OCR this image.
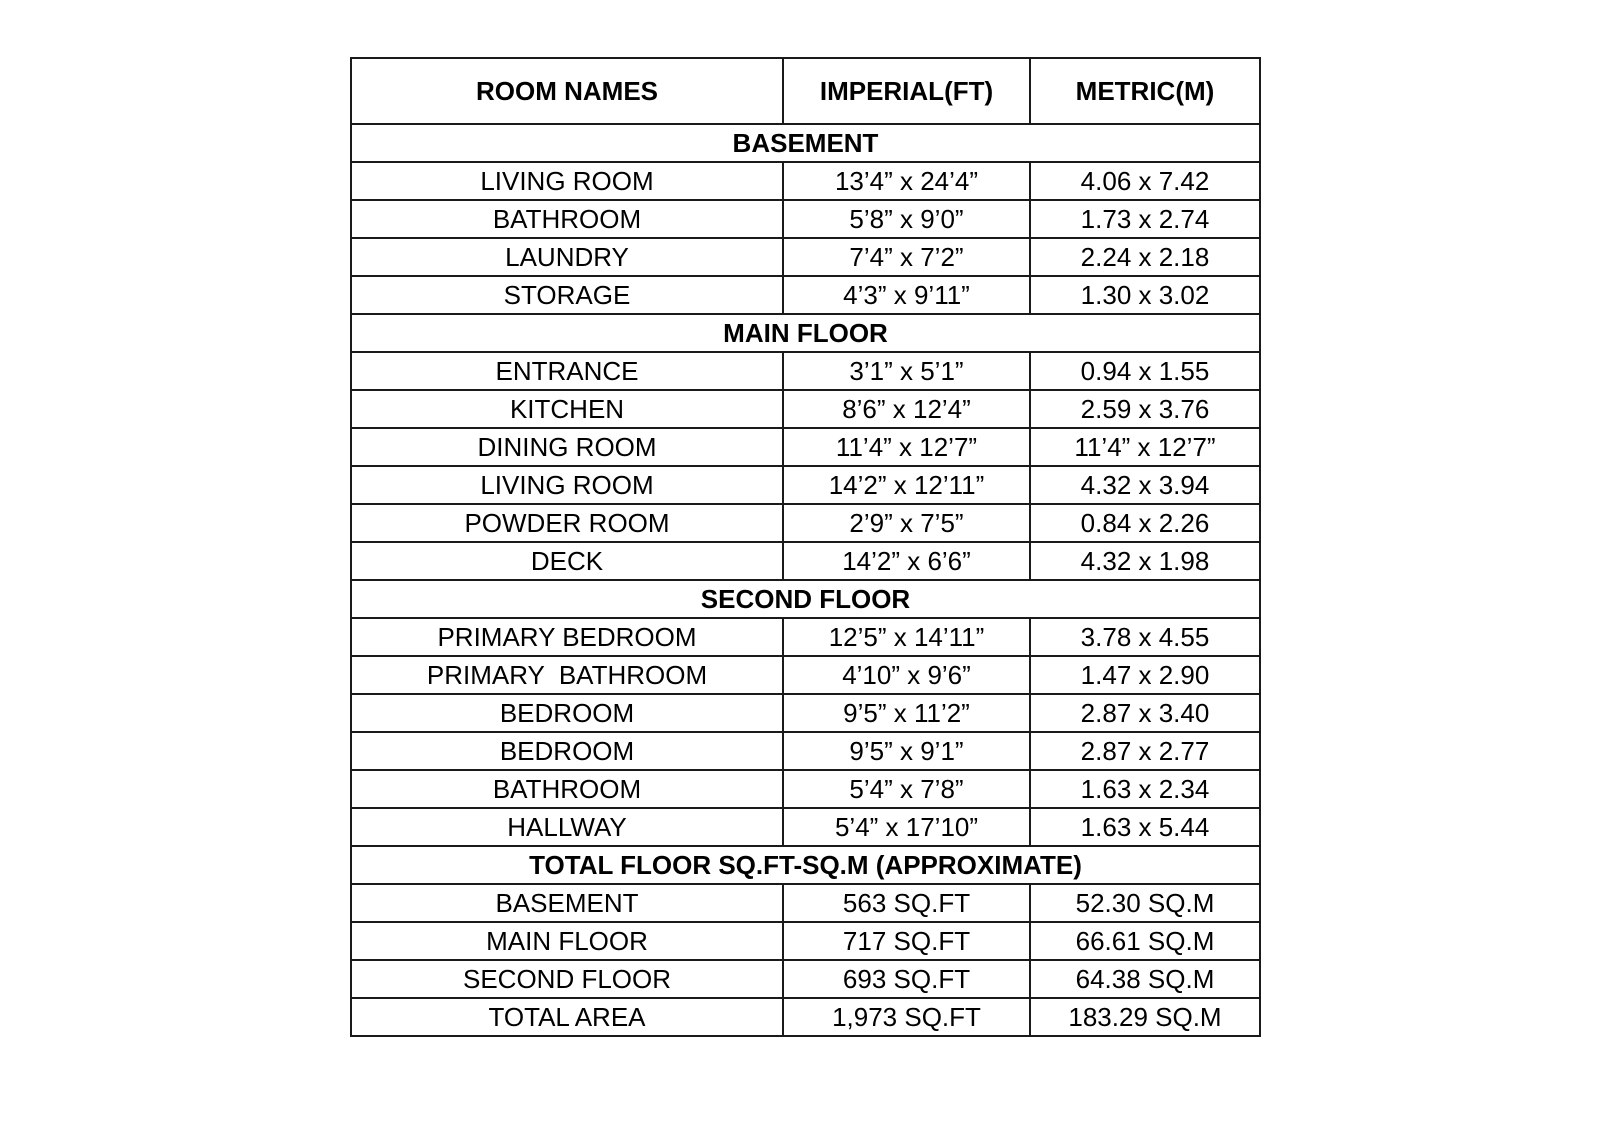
ROOM NAMES	IMPERIAL(FT)	METRIC(M)
BASEMENT		
LIVING ROOM	13’4” x 24’4”	4.06 x 7.42
BATHROOM	5’8” x 9’0”	1.73 x 2.74
LAUNDRY	7’4” x 7’2”	2.24 x 2.18
STORAGE	4’3” x 9’11”	1.30 x 3.02
MAIN FLOOR		
ENTRANCE	3’1” x 5’1”	0.94 x 1.55
KITCHEN	8’6” x 12’4”	2.59 x 3.76
DINING ROOM	11’4” x 12’7”	11’4” x 12’7”
LIVING ROOM	14’2” x 12’11”	4.32 x 3.94
POWDER ROOM	2’9” x 7’5”	0.84 x 2.26
DECK	14’2” x 6’6”	4.32 x 1.98
SECOND FLOOR		
PRIMARY BEDROOM	12’5” x 14’11”	3.78 x 4.55
PRIMARY  BATHROOM	4’10” x 9’6”	1.47 x 2.90
BEDROOM	9’5” x 11’2”	2.87 x 3.40
BEDROOM	9’5” x 9’1”	2.87 x 2.77
BATHROOM	5’4” x 7’8”	1.63 x 2.34
HALLWAY	5’4” x 17’10”	1.63 x 5.44
TOTAL FLOOR SQ.FT-SQ.M (APPROXIMATE)		
BASEMENT	563 SQ.FT	52.30 SQ.M
MAIN FLOOR	717 SQ.FT	66.61 SQ.M
SECOND FLOOR	693 SQ.FT	64.38 SQ.M
TOTAL AREA	1,973 SQ.FT	183.29 SQ.M
